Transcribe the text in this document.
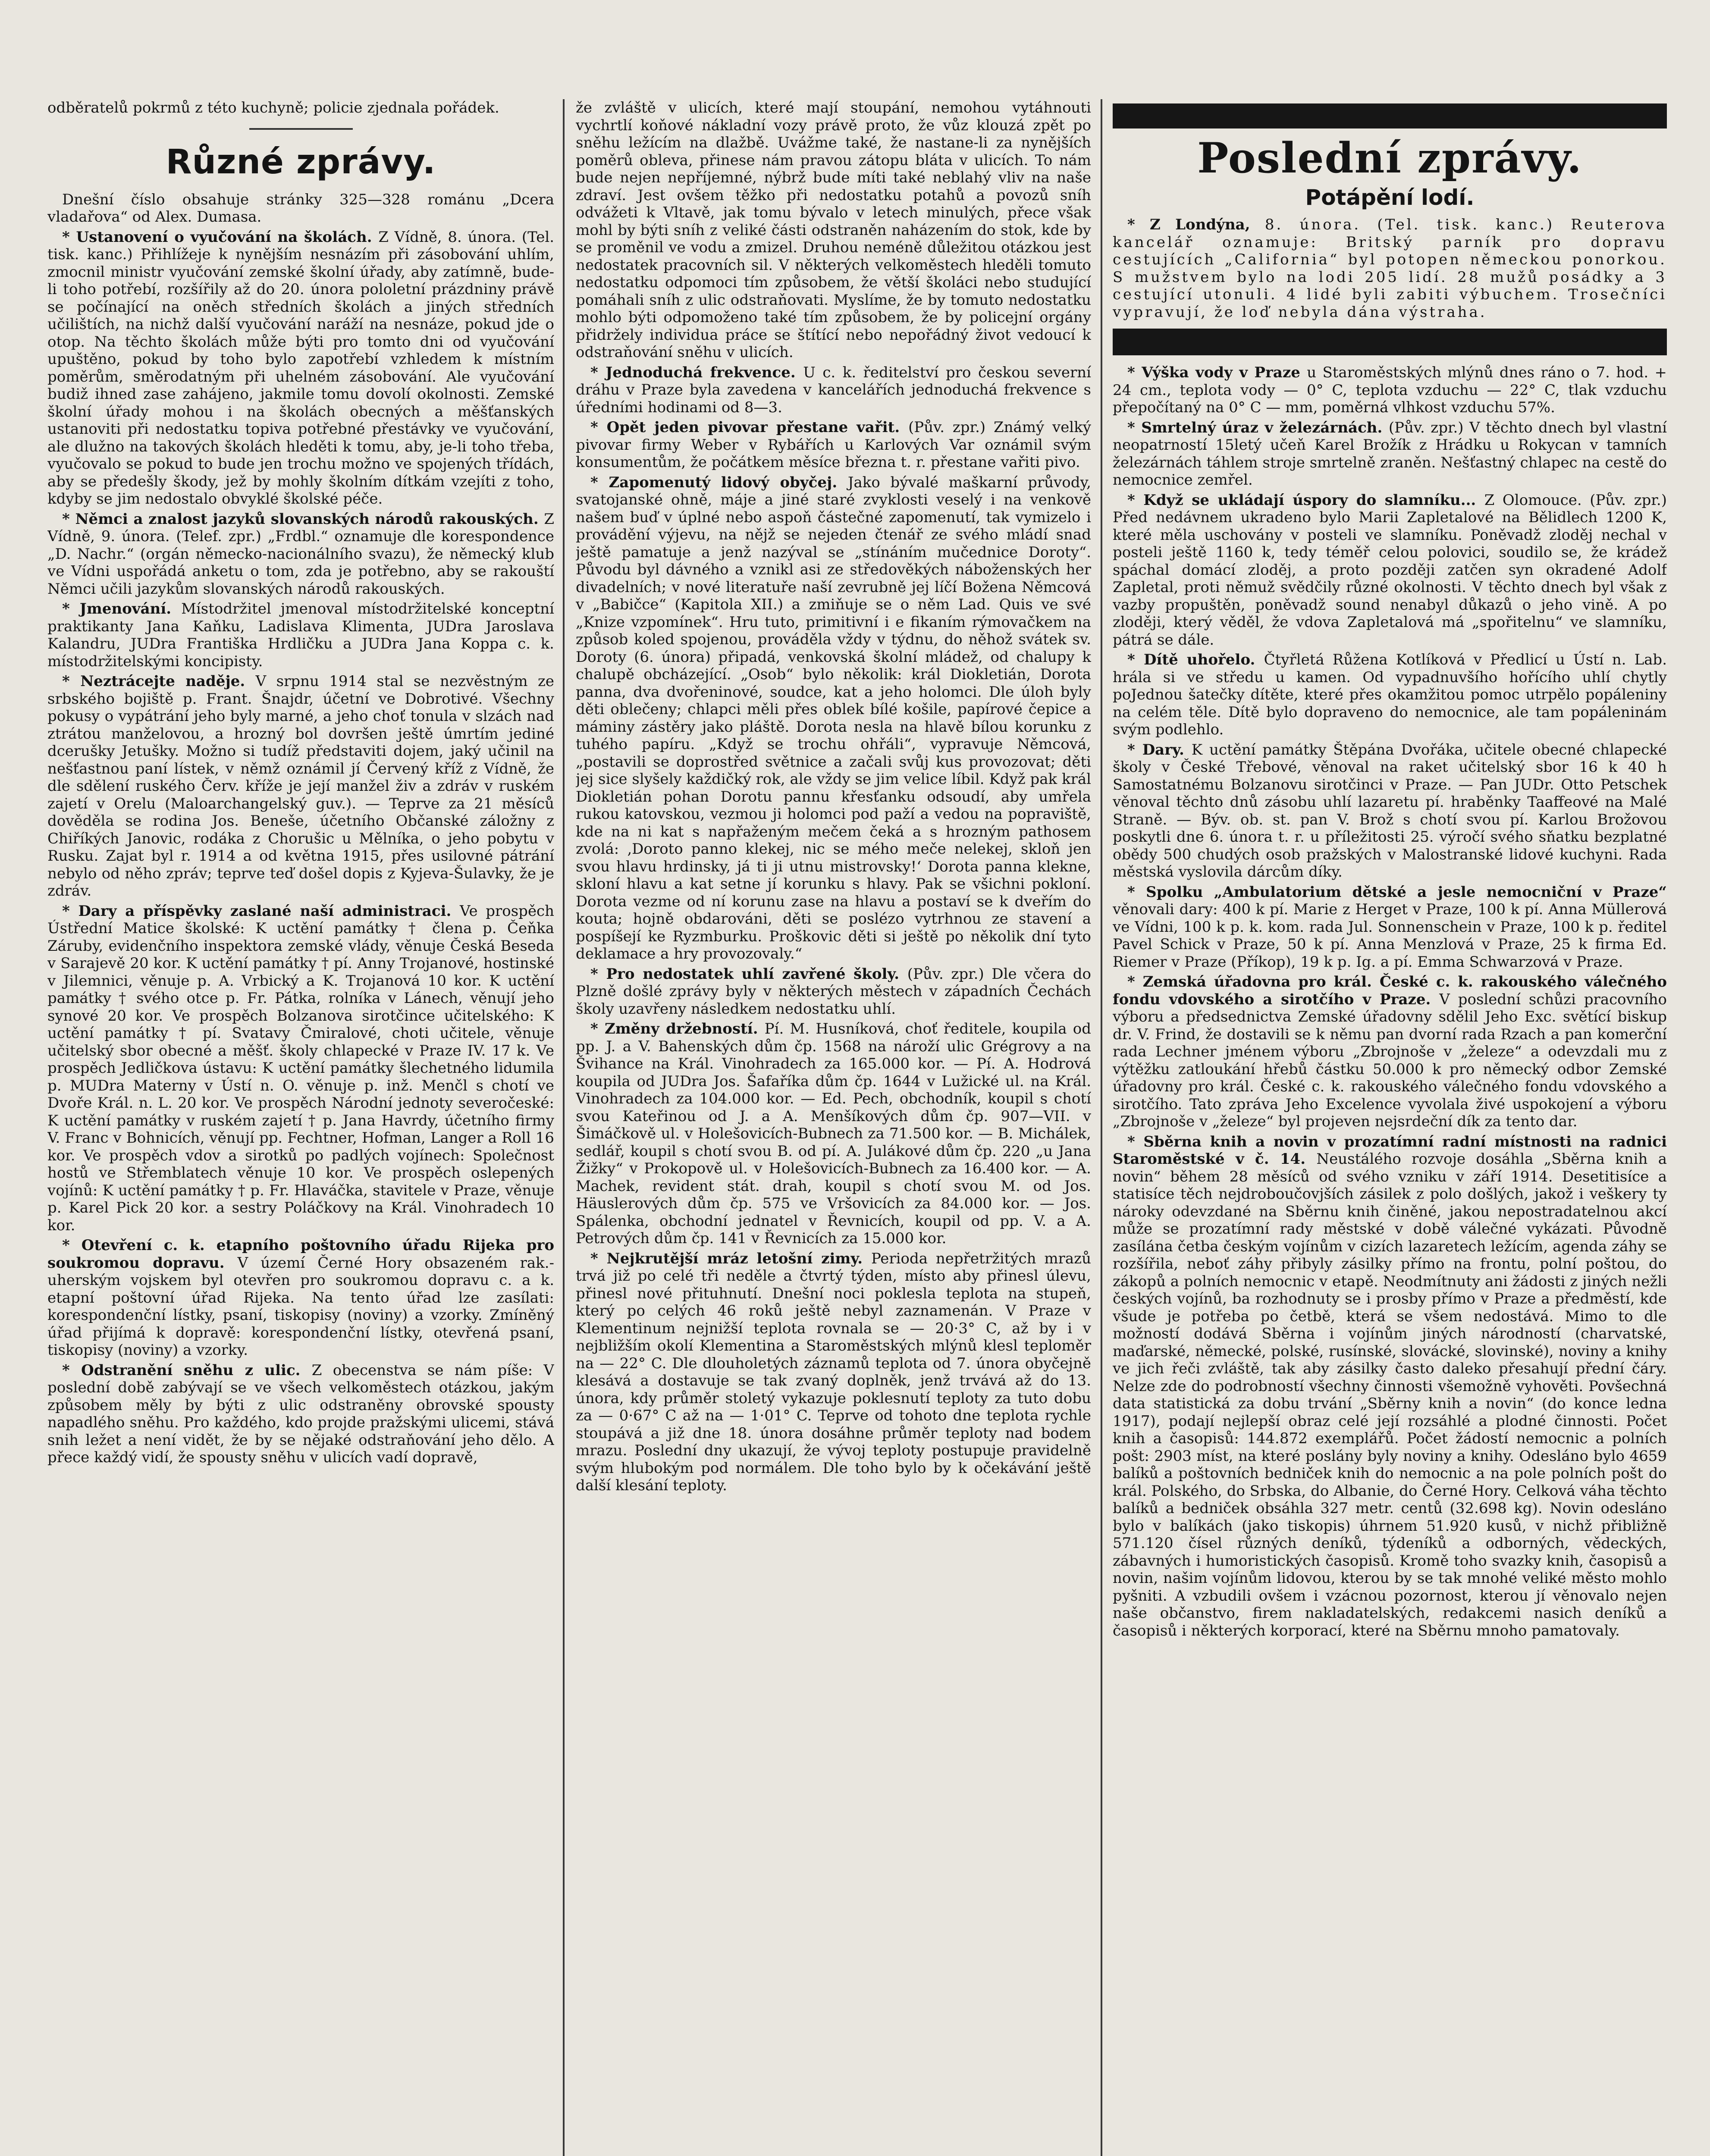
odběratelů pokrmů z této kuchyně; policie zjednala pořádek.

Různé zprávy.

Dnešní číslo obsahuje stránky 325—328 románu „Dcera vladařova“ od Alex. Dumasa.

* Ustanovení o vyučování na školách. Z Vídně, 8. února. (Tel. tisk. kanc.) Přihlížeje k nynějším nesnázím při zásobování uhlím, zmocnil ministr vyučování zemské školní úřady, aby zatímně, bude-li toho potřebí, rozšířily až do 20. února pololetní prázdniny právě se počínající na oněch středních školách a jiných středních učilištích, na nichž další vyučování naráží na nesnáze, pokud jde o otop. Na těchto školách může býti pro tomto dni od vyučování upuštěno, pokud by toho bylo zapotřebí vzhledem k místním poměrům, směrodatným při uhelném zásobování. Ale vyučování budiž ihned zase zahájeno, jakmile tomu dovolí okolnosti. Zemské školní úřady mohou i na školách obecných a měšťanských ustanoviti při nedostatku topiva potřebné přestávky ve vyučování, ale dlužno na takových školách hleděti k tomu, aby, je-li toho třeba, vyučovalo se pokud to bude jen trochu možno ve spojených třídách, aby se předešly škody, jež by mohly školním dítkám vzejíti z toho, kdyby se jim nedostalo obvyklé školské péče.

* Němci a znalost jazyků slovanských národů rakouských. Z Vídně, 9. února. (Telef. zpr.) „Frdbl.“ oznamuje dle korespondence „D. Nachr.“ (orgán německo-nacionálního svazu), že německý klub ve Vídni uspořádá anketu o tom, zda je potřebno, aby se rakouští Němci učili jazykům slovanských národů rakouských.

* Jmenování. Místodržitel jmenoval místodržitelské konceptní praktikanty Jana Kaňku, Ladislava Klimenta, JUDra Jaroslava Kalandru, JUDra Františka Hrdličku a JUDra Jana Koppa c. k. místodržitelskými koncipisty.

* Neztrácejte naděje. V srpnu 1914 stal se nezvěstným ze srbského bojiště p. Frant. Šnajdr, účetní ve Dobrotivé. Všechny pokusy o vypátrání jeho byly marné, a jeho choť tonula v slzách nad ztrátou manželovou, a hrozný bol dovršen ještě úmrtím jediné dcerušky Jetušky. Možno si tudíž představiti dojem, jaký učinil na nešťastnou paní lístek, v němž oznámil jí Červený kříž z Vídně, že dle sdělení ruského Červ. kříže je její manžel živ a zdráv v ruském zajetí v Orelu (Maloarchangelský guv.). — Teprve za 21 měsíců dověděla se rodina Jos. Beneše, účetního Občanské záložny z Chiříkých Janovic, rodáka z Chorušic u Mělníka, o jeho pobytu v Rusku. Zajat byl r. 1914 a od května 1915, přes usilovné pátrání nebylo od něho zpráv; teprve teď došel dopis z Kyjeva-Šulavky, že je zdráv.

* Dary a příspěvky zaslané naší administraci. Ve prospěch Ústřední Matice školské: K uctění památky † člena p. Čeňka Záruby, evidenčního inspektora zemské vlády, věnuje Česká Beseda v Sarajevě 20 kor. K uctění památky † pí. Anny Trojanové, hostinské v Jilemnici, věnuje p. A. Vrbický a K. Trojanová 10 kor. K uctění památky † svého otce p. Fr. Pátka, rolníka v Lánech, věnují jeho synové 20 kor. Ve prospěch Bolzanova sirotčince učitelského: K uctění památky † pí. Svatavy Čmiralové, choti učitele, věnuje učitelský sbor obecné a měšť. školy chlapecké v Praze IV. 17 k. Ve prospěch Jedličkova ústavu: K uctění památky šlechetného lidumila p. MUDra Materny v Ústí n. O. věnuje p. inž. Menčl s chotí ve Dvoře Král. n. L. 20 kor. Ve prospěch Národní jednoty severočeské: K uctění památky v ruském zajetí † p. Jana Havrdy, účetního firmy V. Franc v Bohnicích, věnují pp. Fechtner, Hofman, Langer a Roll 16 kor. Ve prospěch vdov a sirotků po padlých vojínech: Společnost hostů ve Střemblatech věnuje 10 kor. Ve prospěch oslepených vojínů: K uctění památky † p. Fr. Hlaváčka, stavitele v Praze, věnuje p. Karel Pick 20 kor. a sestry Poláčkovy na Král. Vinohradech 10 kor.

* Otevření c. k. etapního poštovního úřadu Rijeka pro soukromou dopravu. V území Černé Hory obsazeném rak.-uherským vojskem byl otevřen pro soukromou dopravu c. a k. etapní poštovní úřad Rijeka. Na tento úřad lze zasílati: korespondenční lístky, psaní, tiskopisy (noviny) a vzorky. Zmíněný úřad přijímá k dopravě: korespondenční lístky, otevřená psaní, tiskopisy (noviny) a vzorky.

* Odstranění sněhu z ulic. Z obecenstva se nám píše: V poslední době zabývají se ve všech velkoměstech otázkou, jakým způsobem měly by býti z ulic odstraněny obrovské spousty napadlého sněhu. Pro každého, kdo projde pražskými ulicemi, stává snih ležet a není vidět, že by se nějaké odstraňování jeho dělo. A přece každý vidí, že spousty sněhu v ulicích vadí dopravě,

že zvláště v ulicích, které mají stoupání, nemohou vytáhnouti vychrtlí koňové nákladní vozy právě proto, že vůz klouzá zpět po sněhu ležícím na dlažbě. Uvážme také, že nastane-li za nynějších poměrů obleva, přinese nám pravou zátopu bláta v ulicích. To nám bude nejen nepříjemné, nýbrž bude míti také neblahý vliv na naše zdraví. Jest ovšem těžko při nedostatku potahů a povozů sníh odvážeti k Vltavě, jak tomu bývalo v letech minulých, přece však mohl by býti sníh z veliké části odstraněn naházením do stok, kde by se proměnil ve vodu a zmizel. Druhou neméně důležitou otázkou jest nedostatek pracovních sil. V některých velkoměstech hleděli tomuto nedostatku odpomoci tím způsobem, že větší školáci nebo studující pomáhali sníh z ulic odstraňovati. Myslíme, že by tomuto nedostatku mohlo býti odpomoženo také tím způsobem, že by policejní orgány přidržely individua práce se štítící nebo nepořádný život vedoucí k odstraňování sněhu v ulicích.

* Jednoduchá frekvence. U c. k. ředitelství pro českou severní dráhu v Praze byla zavedena v kancelářích jednoduchá frekvence s úředními hodinami od 8—3.

* Opět jeden pivovar přestane vařit. (Pův. zpr.) Známý velký pivovar firmy Weber v Rybářích u Karlových Var oznámil svým konsumentům, že počátkem měsíce března t. r. přestane vařiti pivo.

* Zapomenutý lidový obyčej. Jako bývalé maškarní průvody, svatojanské ohně, máje a jiné staré zvyklosti veselý i na venkově našem buď v úplné nebo aspoň částečné zapomenutí, tak vymizelo i provádění výjevu, na nějž se nejeden čtenář ze svého mládí snad ještě pamatuje a jenž nazýval se „stínáním mučednice Doroty“. Původu byl dávného a vznikl asi ze středověkých náboženských her divadelních; v nové literatuře naší zevrubně jej líčí Božena Němcová v „Babičce“ (Kapitola XII.) a zmiňuje se o něm Lad. Quis ve své „Knize vzpomínek“. Hru tuto, primitivní i e fikaním rýmovačkem na způsob koled spojenou, prováděla vždy v týdnu, do něhož svátek sv. Doroty (6. února) připadá, venkovská školní mládež, od chalupy k chalupě obcházející. „Osob“ bylo několik: král Diokletián, Dorota panna, dva dvořeninové, soudce, kat a jeho holomci. Dle úloh byly děti oblečeny; chlapci měli přes oblek bílé košile, papírové čepice a máminy zástěry jako pláště. Dorota nesla na hlavě bílou korunku z tuhého papíru. „Když se trochu ohřáli“, vypravuje Němcová, „postavili se doprostřed světnice a začali svůj kus provozovat; děti jej sice slyšely každičký rok, ale vždy se jim velice líbil. Když pak král Diokletián pohan Dorotu pannu křesťanku odsoudí, aby umřela rukou katovskou, vezmou ji holomci pod paží a vedou na popraviště, kde na ni kat s napřaženým mečem čeká a s hrozným pathosem zvolá: ‚Doroto panno klekej, nic se mého meče nelekej, skloň jen svou hlavu hrdinsky, já ti ji utnu mistrovsky!‘ Dorota panna klekne, skloní hlavu a kat setne jí korunku s hlavy. Pak se všichni pokloní. Dorota vezme od ní korunu zase na hlavu a postaví se k dveřím do kouta; hojně obdarováni, děti se poslézo vytrhnou ze stavení a pospíšejí ke Ryzmburku. Proškovic děti si ještě po několik dní tyto deklamace a hry provozovaly.“

* Pro nedostatek uhlí zavřené školy. (Pův. zpr.) Dle včera do Plzně došlé zprávy byly v některých městech v západních Čechách školy uzavřeny následkem nedostatku uhlí.

* Změny držebností. Pí. M. Husníková, choť ředitele, koupila od pp. J. a V. Bahenských dům čp. 1568 na nároží ulic Grégrovy a na Švihance na Král. Vinohradech za 165.000 kor. — Pí. A. Hodrová koupila od JUDra Jos. Šafaříka dům čp. 1644 v Lužické ul. na Král. Vinohradech za 104.000 kor. — Ed. Pech, obchodník, koupil s chotí svou Kateřinou od J. a A. Menšíkových dům čp. 907—VII. v Šimáčkově ul. v Holešovicích-Bubnech za 71.500 kor. — B. Michálek, sedlář, koupil s chotí svou B. od pí. A. Julákové dům čp. 220 „u Jana Žižky“ v Prokopově ul. v Holešovicích-Bubnech za 16.400 kor. — A. Machek, revident stát. drah, koupil s chotí svou M. od Jos. Häuslerových dům čp. 575 ve Vršovicích za 84.000 kor. — Jos. Spálenka, obchodní jednatel v Řevnicích, koupil od pp. V. a A. Petrových dům čp. 141 v Řevnicích za 15.000 kor.

* Nejkrutější mráz letošní zimy. Perioda nepřetržitých mrazů trvá již po celé tři neděle a čtvrtý týden, místo aby přinesl úlevu, přinesl nové přituhnutí. Dnešní noci poklesla teplota na stupeň, který po celých 46 roků ještě nebyl zaznamenán. V Praze v Klementinum nejnižší teplota rovnala se — 20·3° C, až by i v nejbližším okolí Klementina a Staroměstských mlýnů klesl teploměr na — 22° C. Dle dlouholetých záznamů teplota od 7. února obyčejně klesává a dostavuje se tak zvaný doplněk, jenž trvává až do 13. února, kdy průměr stoletý vykazuje poklesnutí teploty za tuto dobu za — 0·67° C až na — 1·01° C. Teprve od tohoto dne teplota rychle stoupává a již dne 18. února dosáhne průměr teploty nad bodem mrazu. Poslední dny ukazují, že vývoj teploty postupuje pravidelně svým hlubokým pod normálem. Dle toho bylo by k očekávání ještě další klesání teploty.

Poslední zprávy.
Potápění lodí.

* Z Londýna, 8. února. (Tel. tisk. kanc.) Reuterova kancelář oznamuje: Britský parník pro dopravu cestujících „California“ byl potopen německou ponorkou. S mužstvem bylo na lodi 205 lidí. 28 mužů posádky a 3 cestující utonuli. 4 lidé byli zabiti výbuchem. Trosečníci vypravují, že loď nebyla dána výstraha.

* Výška vody v Praze u Staroměstských mlýnů dnes ráno o 7. hod. + 24 cm., teplota vody — 0° C, teplota vzduchu — 22° C, tlak vzduchu přepočítaný na 0° C — mm, poměrná vlhkost vzduchu 57%.

* Smrtelný úraz v železárnách. (Pův. zpr.) V těchto dnech byl vlastní neopatrností 15letý učeň Karel Brožík z Hrádku u Rokycan v tamních železárnách táhlem stroje smrtelně zraněn. Nešťastný chlapec na cestě do nemocnice zemřel.

* Když se ukládají úspory do slamníku... Z Olomouce. (Pův. zpr.) Před nedávnem ukradeno bylo Marii Zapletalové na Bělidlech 1200 K, které měla uschovány v posteli ve slamníku. Poněvadž zloděj nechal v posteli ještě 1160 k, tedy téměř celou polovici, soudilo se, že krádež spáchal domácí zloděj, a proto později zatčen syn okradené Adolf Zapletal, proti němuž svědčily různé okolnosti. V těchto dnech byl však z vazby propuštěn, poněvadž sound nenabyl důkazů o jeho vině. A po zloději, který věděl, že vdova Zapletalová má „spořitelnu“ ve slamníku, pátrá se dále.

* Dítě uhořelo. Čtyřletá Růžena Kotlíková v Předlicí u Ústí n. Lab. hrála si ve středu u kamen. Od vypadnuvšího hořícího uhlí chytly poJednou šatečky dítěte, které přes okamžitou pomoc utrpělo popáleniny na celém těle. Dítě bylo dopraveno do nemocnice, ale tam popáleninám svým podlehlo.

* Dary. K uctění památky Štěpána Dvořáka, učitele obecné chlapecké školy v České Třebové, věnoval na raket učitelský sbor 16 k 40 h Samostatnému Bolzanovu sirotčinci v Praze. — Pan JUDr. Otto Petschek věnoval těchto dnů zásobu uhlí lazaretu pí. hraběnky Taaffeové na Malé Straně. — Býv. ob. st. pan V. Brož s chotí svou pí. Karlou Brožovou poskytli dne 6. února t. r. u příležitosti 25. výročí svého sňatku bezplatné obědy 500 chudých osob pražských v Malostranské lidové kuchyni. Rada městská vyslovila dárcům díky.

* Spolku „Ambulatorium dětské a jesle nemocniční v Praze“ věnovali dary: 400 k pí. Marie z Herget v Praze, 100 k pí. Anna Müllerová ve Vídni, 100 k p. k. kom. rada Jul. Sonnenschein v Praze, 100 k p. ředitel Pavel Schick v Praze, 50 k pí. Anna Menzlová v Praze, 25 k firma Ed. Riemer v Praze (Příkop), 19 k p. Ig. a pí. Emma Schwarzová v Praze.

* Zemská úřadovna pro král. České c. k. rakouského válečného fondu vdovského a sirotčího v Praze. V poslední schůzi pracovního výboru a předsednictva Zemské úřadovny sdělil Jeho Exc. světící biskup dr. V. Frind, že dostavili se k němu pan dvorní rada Rzach a pan komerční rada Lechner jménem výboru „Zbrojnoše v „železe“ a odevzdali mu z výtěžku zatloukání hřebů částku 50.000 k pro německý odbor Zemské úřadovny pro král. České c. k. rakouského válečného fondu vdovského a sirotčího. Tato zpráva Jeho Excelence vyvolala živé uspokojení a výboru „Zbrojnoše v „železe“ byl projeven nejsrdeční dík za tento dar.

* Sběrna knih a novin v prozatímní radní místnosti na radnici Staroměstské v č. 14. Neustálého rozvoje dosáhla „Sběrna knih a novin“ během 28 měsíců od svého vzniku v září 1914. Desetitisíce a statisíce těch nejdroboučovjších zásilek z polo došlých, jakož i veškery ty nároky odevzdané na Sběrnu knih činěné, jakou nepostradatelnou akcí může se prozatímní rady městské v době válečné vykázati. Původně zasílána četba českým vojínům v cizích lazaretech ležícím, agenda záhy se rozšířila, neboť záhy přibyly zásilky přímo na frontu, polní poštou, do zákopů a polních nemocnic v etapě. Neodmítnuty ani žádosti z jiných nežli českých vojínů, ba rozhodnuty se i prosby přímo v Praze a předměstí, kde všude je potřeba po četbě, která se všem nedostává. Mimo to dle možností dodává Sběrna i vojínům jiných národností (charvatské, maďarské, německé, polské, rusínské, slovácké, slovinské), noviny a knihy ve jich řeči zvláště, tak aby zásilky často daleko přesahují přední čáry. Nelze zde do podrobností všechny činnosti všemožně vyhověti. Povšechná data statistická za dobu trvání „Sběrny knih a novin“ (do konce ledna 1917), podají nejlepší obraz celé její rozsáhlé a plodné činnosti. Počet knih a časopisů: 144.872 exemplářů. Počet žádostí nemocnic a polních pošt: 2903 míst, na které poslány byly noviny a knihy. Odesláno bylo 4659 balíků a poštovních bedniček knih do nemocnic a na pole polních pošt do král. Polského, do Srbska, do Albanie, do Černé Hory. Celková váha těchto balíků a bedniček obsáhla 327 metr. centů (32.698 kg). Novin odesláno bylo v balíkách (jako tiskopis) úhrnem 51.920 kusů, v nichž přibližně 571.120 čísel různých deníků, týdeníků a odborných, vědeckých, zábavných i humoristických časopisů. Kromě toho svazky knih, časopisů a novin, našim vojínům lidovou, kterou by se tak mnohé veliké město mohlo pyšniti. A vzbudili ovšem i vzácnou pozornost, kterou jí věnovalo nejen naše občanstvo, firem nakladatelských, redakcemi nasich deníků a časopisů i některých korporací, které na Sběrnu mnoho pamatovaly.
